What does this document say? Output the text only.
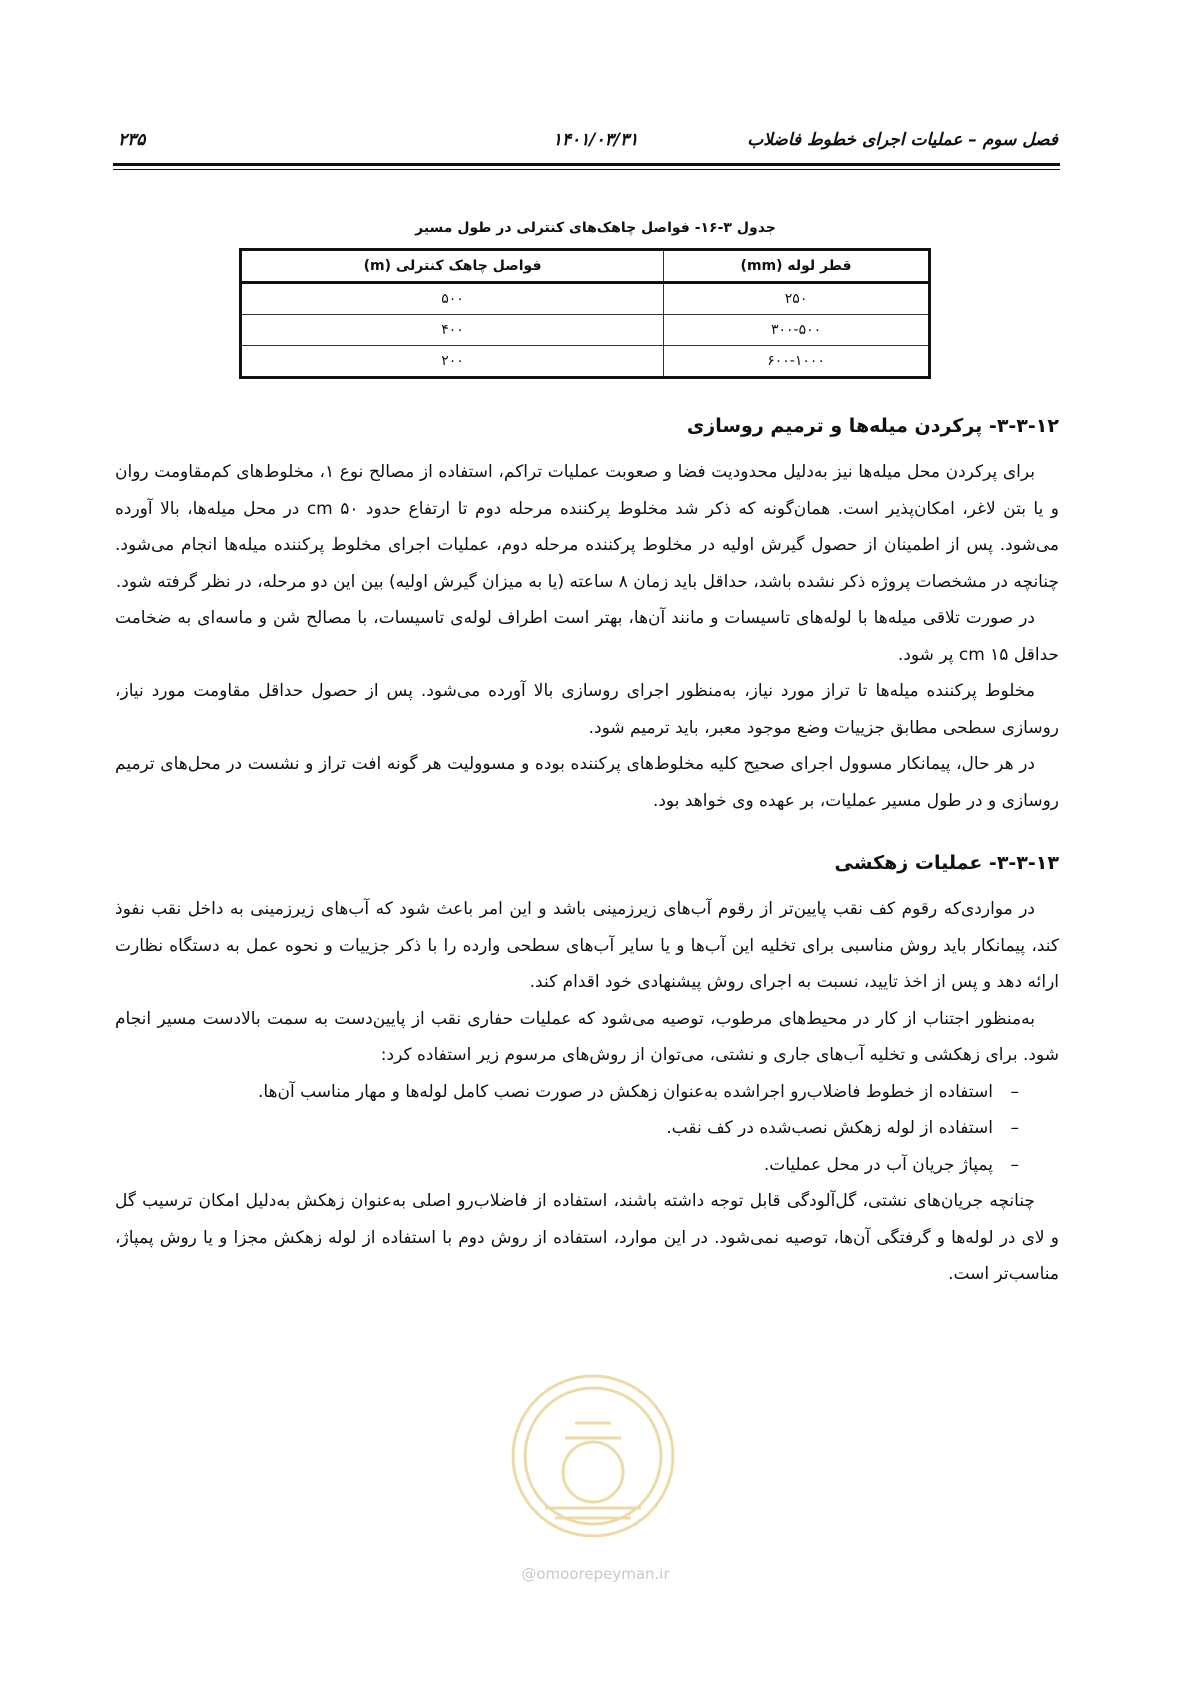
فصل سوم – عملیات اجرای خطوط فاضلاب
۱۴۰۱/۰۳/۳۱
۲۳۵
جدول ۳-۱۶- فواصل چاهک‌های کنترلی در طول مسیر
قطر لوله (mm)	فواصل چاهک کنترلی (m)
۲۵۰	۵۰۰
۳۰۰-۵۰۰	۴۰۰
۶۰۰-۱۰۰۰	۲۰۰
۳-۳-۱۲- پرکردن میله‌ها و ترمیم روسازی

برای پرکردن محل میله‌ها نیز به‌دلیل محدودیت فضا و صعوبت عملیات تراکم، استفاده از مصالح نوع ۱، مخلوط‌های کم‌مقاومت روان و یا بتن لاغر، امکان‌پذیر است. همان‌گونه که ذکر شد مخلوط پرکننده مرحله دوم تا ارتفاع حدود ۵۰ cm در محل میله‌ها، بالا آورده می‌شود. پس از اطمینان از حصول گیرش اولیه در مخلوط پرکننده مرحله دوم، عملیات اجرای مخلوط پرکننده میله‌ها انجام می‌شود. چنانچه در مشخصات پروژه ذکر نشده باشد، حداقل باید زمان ۸ ساعته (یا به میزان گیرش اولیه) بین این دو مرحله، در نظر گرفته شود.

در صورت تلاقی میله‌ها با لوله‌های تاسیسات و مانند آن‌ها، بهتر است اطراف لوله‌ی تاسیسات، با مصالح شن و ماسه‌ای به ضخامت حداقل ۱۵ cm پر شود.

مخلوط پرکننده میله‌ها تا تراز مورد نیاز، به‌منظور اجرای روسازی بالا آورده می‌شود. پس از حصول حداقل مقاومت مورد نیاز، روسازی سطحی مطابق جزییات وضع موجود معبر، باید ترمیم شود.

در هر حال، پیمانکار مسوول اجرای صحیح کلیه مخلوط‌های پرکننده بوده و مسوولیت هر گونه افت تراز و نشست در محل‌های ترمیم روسازی و در طول مسیر عملیات، بر عهده وی خواهد بود.

۳-۳-۱۳- عملیات زهکشی

در مواردی‌که رقوم کف نقب پایین‌تر از رقوم آب‌های زیرزمینی باشد و این امر باعث شود که آب‌های زیرزمینی به داخل نقب نفوذ کند، پیمانکار باید روش مناسبی برای تخلیه این آب‌ها و یا سایر آب‌های سطحی وارده را با ذکر جزییات و نحوه عمل به دستگاه نظارت ارائه دهد و پس از اخذ تایید، نسبت به اجرای روش پیشنهادی خود اقدام کند.

به‌منظور اجتناب از کار در محیط‌های مرطوب، توصیه می‌شود که عملیات حفاری نقب از پایین‌دست به سمت بالادست مسیر انجام شود. برای زهکشی و تخلیه آب‌های جاری و نشتی، می‌توان از روش‌های مرسوم زیر استفاده کرد:

–استفاده از خطوط فاضلاب‌رو اجراشده به‌عنوان زهکش در صورت نصب کامل لوله‌ها و مهار مناسب آن‌ها.
–استفاده از لوله زهکش نصب‌شده در کف نقب.
–پمپاژ جریان آب در محل عملیات.

چنانچه جریان‌های نشتی، گل‌آلودگی قابل توجه داشته باشند، استفاده از فاضلاب‌رو اصلی به‌عنوان زهکش به‌دلیل امکان ترسیب گل و لای در لوله‌ها و گرفتگی آن‌ها، توصیه نمی‌شود. در این موارد، استفاده از روش دوم با استفاده از لوله زهکش مجزا و یا روش پمپاژ، مناسب‌تر است.

@omoorepeyman.ir
